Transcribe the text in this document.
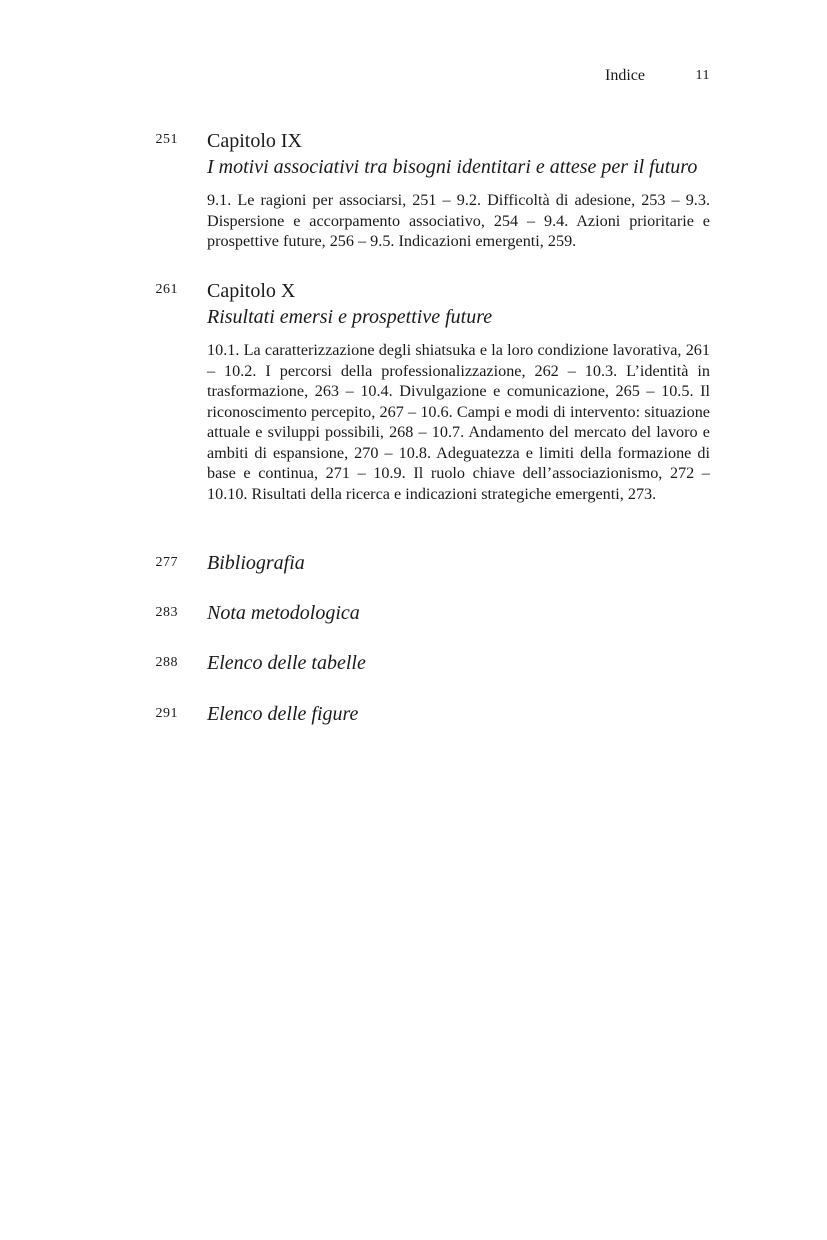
Indice	11
251 Capitolo IX

I motivi associativi tra bisogni identitari e attese per il futuro

9.1. Le ragioni per associarsi, 251 – 9.2. Difficoltà di adesione, 253 – 9.3. Dispersione e accorpamento associativo, 254 – 9.4. Azioni prioritarie e prospettive future, 256 – 9.5. Indicazioni emergenti, 259.

261 Capitolo X

Risultati emersi e prospettive future

10.1. La caratterizzazione degli shiatsuka e la loro condizione lavorativa, 261 – 10.2. I percorsi della professionalizzazione, 262 – 10.3. L’identità in trasformazione, 263 – 10.4. Divulgazione e comunicazione, 265 – 10.5. Il riconoscimento percepito, 267 – 10.6. Campi e modi di intervento: situazione attuale e sviluppi possibili, 268 – 10.7. Andamento del mercato del lavoro e ambiti di espansione, 270 – 10.8. Adeguatezza e limiti della formazione di base e continua, 271 – 10.9. Il ruolo chiave dell’associazionismo, 272 – 10.10. Risultati della ricerca e indicazioni strategiche emergenti, 273.

277 Bibliografia

283 Nota metodologica

288 Elenco delle tabelle

291 Elenco delle figure
